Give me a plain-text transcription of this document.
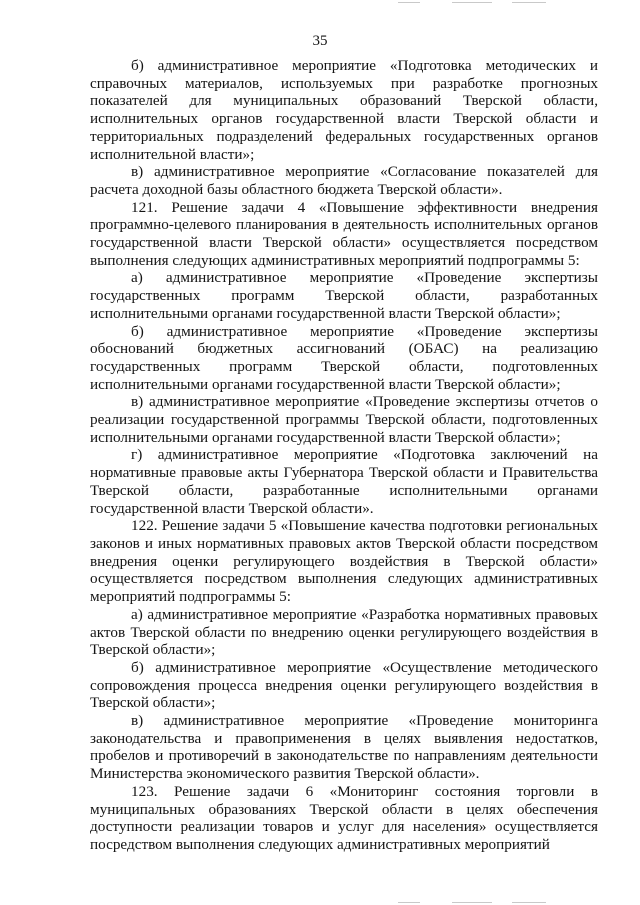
35

б) административное мероприятие «Подготовка методических и справочных материалов, используемых при разработке прогнозных показателей для муниципальных образований Тверской области, исполнительных органов государственной власти Тверской области и территориальных подразделений федеральных государственных органов исполнительной власти»;

в) административное мероприятие «Согласование показателей для расчета доходной базы областного бюджета Тверской области».

121. Решение задачи 4 «Повышение эффективности внедрения программно-целевого планирования в деятельность исполнительных органов государственной власти Тверской области» осуществляется посредством выполнения следующих административных мероприятий подпрограммы 5:

а) административное мероприятие «Проведение экспертизы государственных программ Тверской области, разработанных исполнительными органами государственной власти Тверской области»;

б) административное мероприятие «Проведение экспертизы обоснований бюджетных ассигнований (ОБАС) на реализацию государственных программ Тверской области, подготовленных исполнительными органами государственной власти Тверской области»;

в) административное мероприятие «Проведение экспертизы отчетов о реализации государственной программы Тверской области, подготовленных исполнительными органами государственной власти Тверской области»;

г) административное мероприятие «Подготовка заключений на нормативные правовые акты Губернатора Тверской области и Правительства Тверской области, разработанные исполнительными органами государственной власти Тверской области».

122. Решение задачи 5 «Повышение качества подготовки региональных законов и иных нормативных правовых актов Тверской области посредством внедрения оценки регулирующего воздействия в Тверской области» осуществляется посредством выполнения следующих административных мероприятий подпрограммы 5:

а) административное мероприятие «Разработка нормативных правовых актов Тверской области по внедрению оценки регулирующего воздействия в Тверской области»;

б) административное мероприятие «Осуществление методического сопровождения процесса внедрения оценки регулирующего воздействия в Тверской области»;

в) административное мероприятие «Проведение мониторинга законодательства и правоприменения в целях выявления недостатков, пробелов и противоречий в законодательстве по направлениям деятельности Министерства экономического развития Тверской области».

123. Решение задачи 6 «Мониторинг состояния торговли в муниципальных образованиях Тверской области в целях обеспечения доступности реализации товаров и услуг для населения» осуществляется посредством выполнения следующих административных мероприятий
